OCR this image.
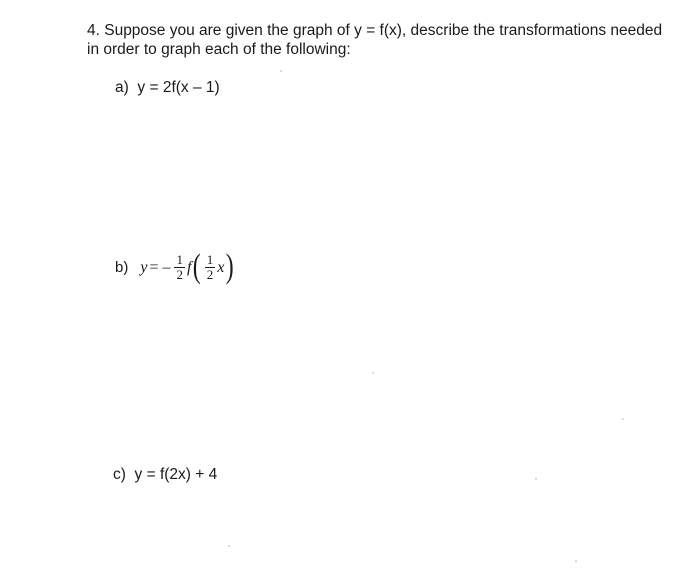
4. Suppose you are given the graph of y = f(x), describe the transformations needed in order to graph each of the following:

a) y = 2f(x – 1)
b) y = – $\frac{1}{2}$ f ( $\frac{1}{2}$ x )
c) y = f(2x) + 4
